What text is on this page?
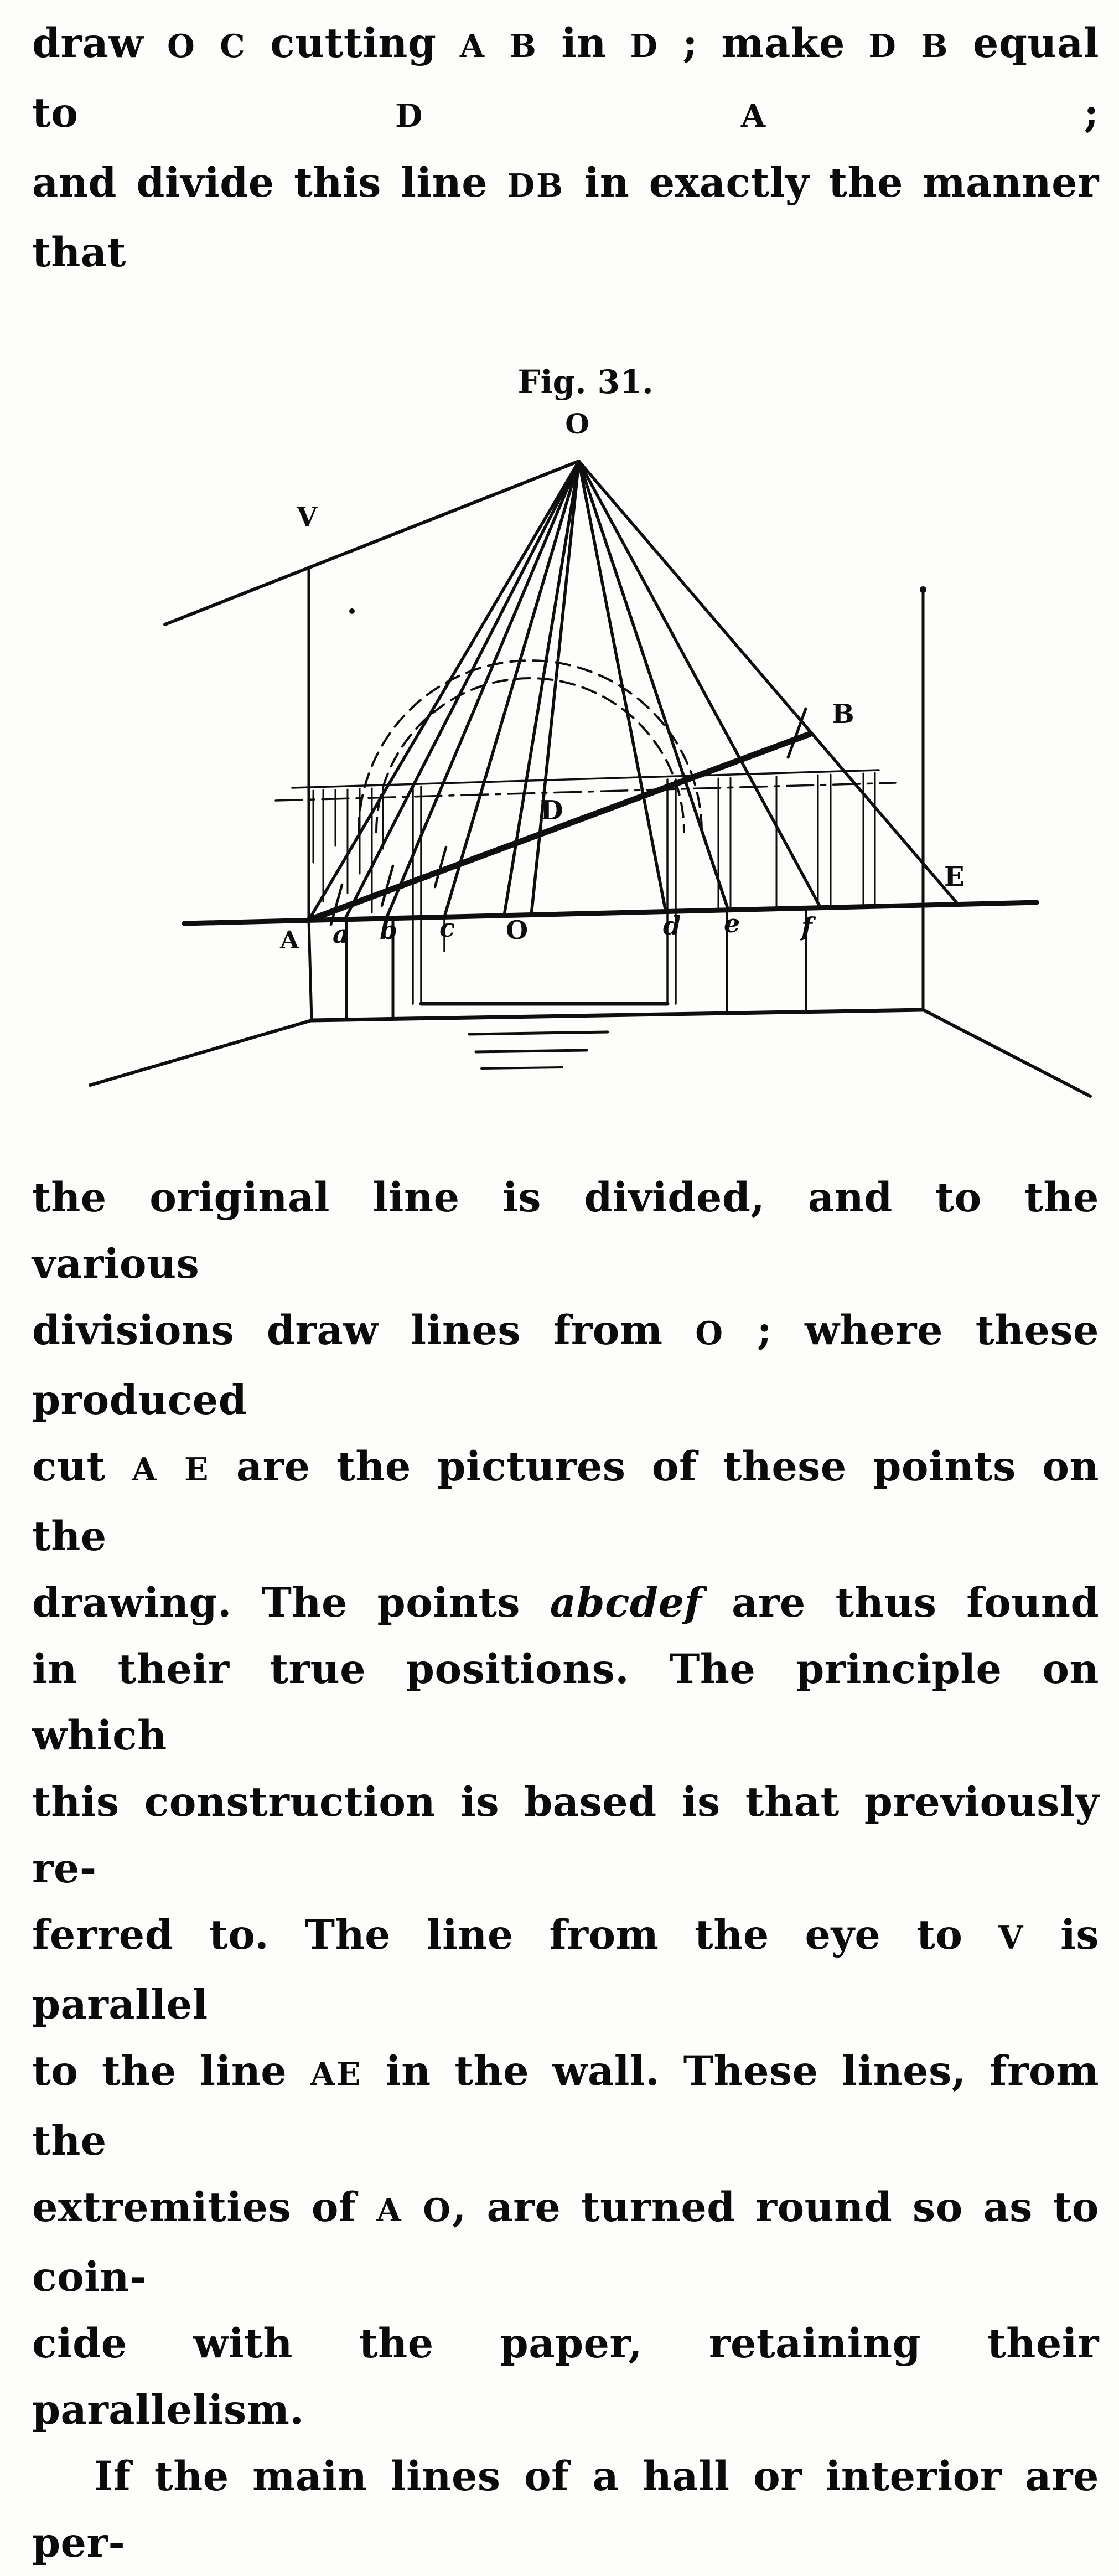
draw O C cutting A B in D ; make D B equal to D	A ;
and divide this line DB in exactly the manner that
Fig. 31.
O
V
B
D
E
A a b c O	d e f
the original line is divided, and to the various
divisions draw lines from O ; where these produced
cut A E are the pictures of these points on the
drawing. The points abcdef are thus found
in their true positions. The principle on which
this construction is based is that previously re-
ferred to. The line from the eye to V is parallel
to the line AE in the wall. These lines, from the
extremities of A O, are turned round so as to coin-
cide with the paper, retaining their parallelism.
If the main lines of a hall or interior are per-
